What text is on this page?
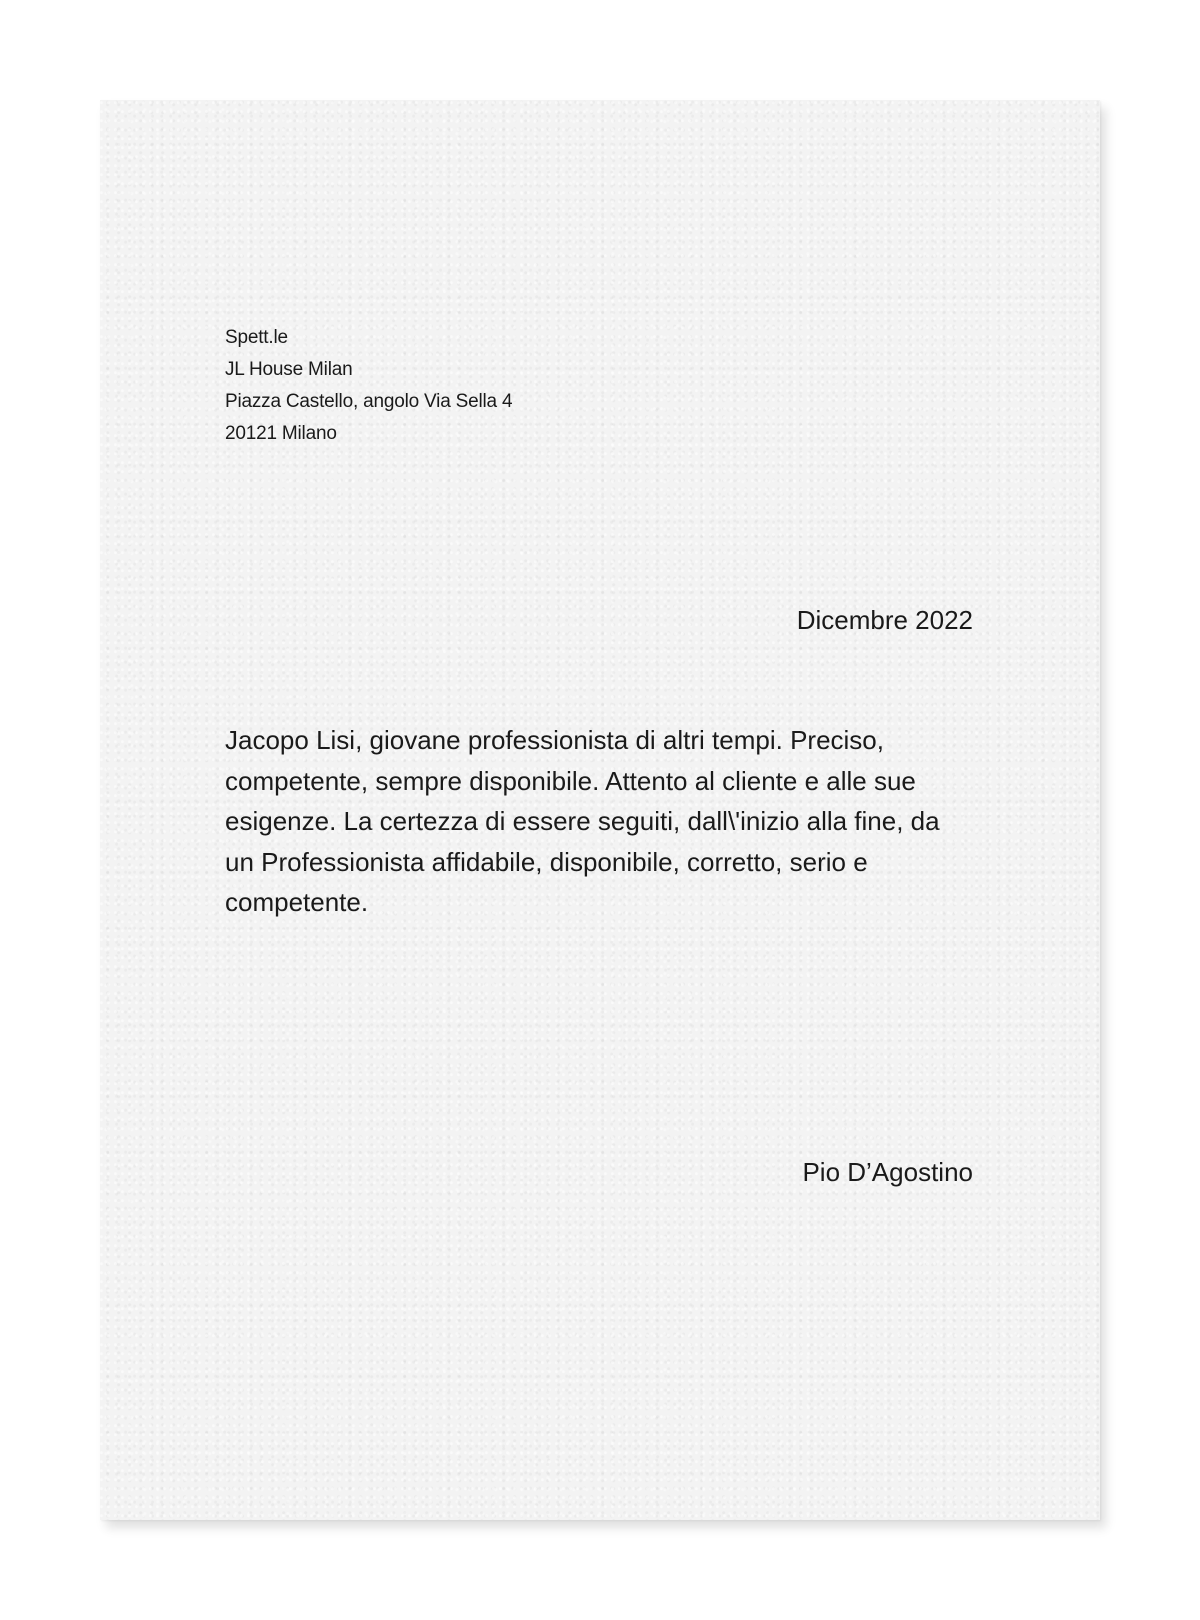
Spett.le
JL House Milan
Piazza Castello, angolo Via Sella 4
20121 Milano
Dicembre 2022

Jacopo Lisi, giovane professionista di altri tempi. Preciso, competente, sempre disponibile. Attento al cliente e alle sue esigenze. La certezza di essere seguiti, dall\'inizio alla fine, da un Professionista affidabile, disponibile, corretto, serio e competente.

Pio D’Agostino
